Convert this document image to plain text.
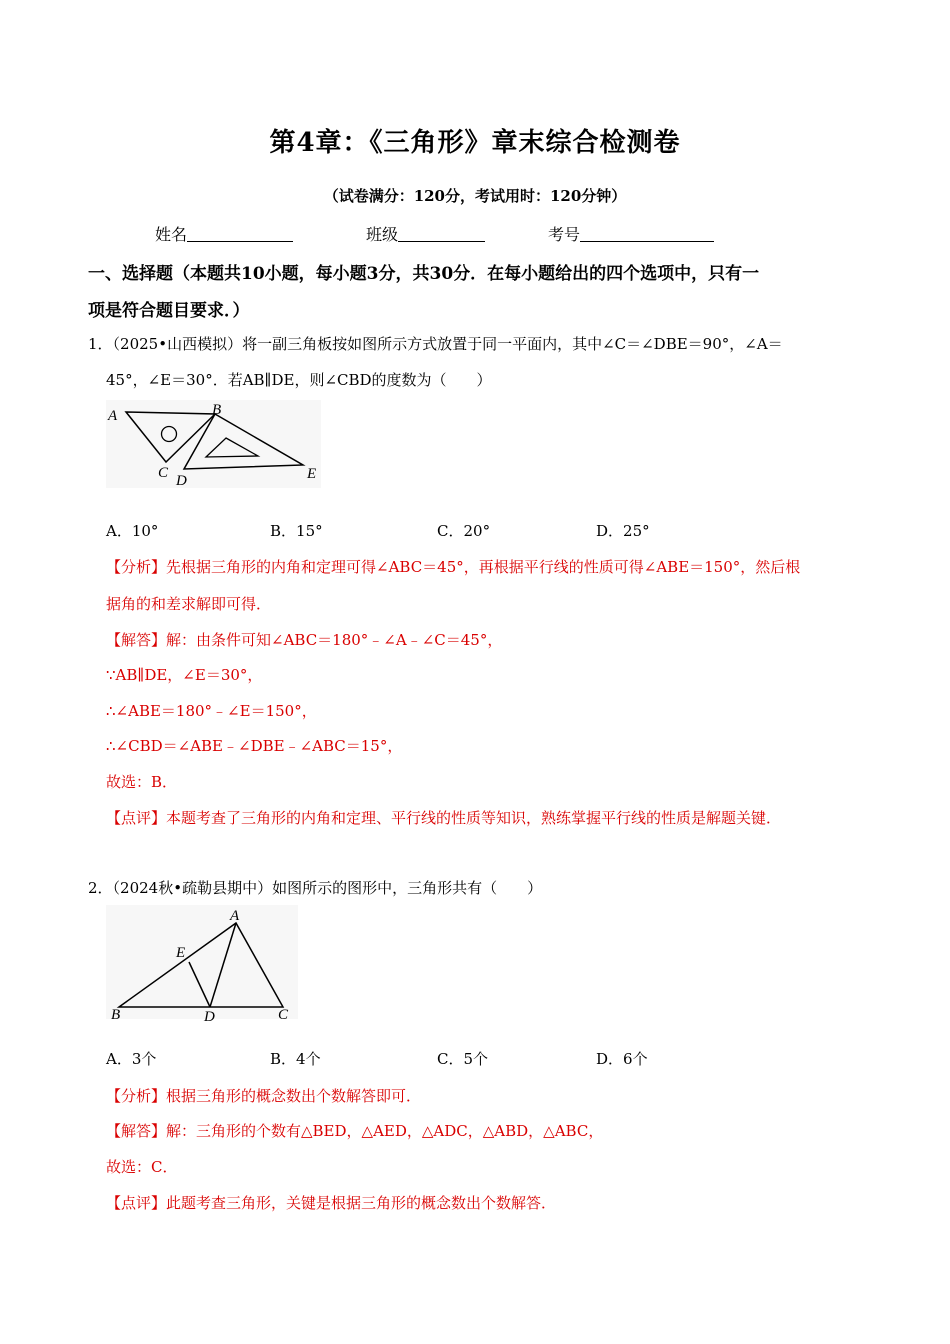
第4章：《三角形》章末综合检测卷
（试卷满分：120分，考试用时：120分钟）
姓名	班级	考号
一、选择题（本题共10小题，每小题3分，共30分．在每小题给出的四个选项中，只有一
项是符合题目要求．）
1．（2025•山西模拟）将一副三角板按如图所示方式放置于同一平面内，其中∠C＝∠DBE＝90°，∠A＝
45°，∠E＝30°．若AB∥DE，则∠CBD的度数为（　　）
A	B
C D	E
A．10°	B．15°	C．20°	D．25°
【分析】先根据三角形的内角和定理可得∠ABC＝45°，再根据平行线的性质可得∠ABE＝150°，然后根
据角的和差求解即可得．
【解答】解：由条件可知∠ABC＝180°﹣∠A﹣∠C＝45°，
∵AB∥DE，∠E＝30°，
∴∠ABE＝180°﹣∠E＝150°，
∴∠CBD＝∠ABE﹣∠DBE﹣∠ABC＝15°，
故选：B．
【点评】本题考查了三角形的内角和定理、平行线的性质等知识，熟练掌握平行线的性质是解题关键．
2．（2024秋•疏勒县期中）如图所示的图形中，三角形共有（　　）
A
E
B	D	C
A．3个	B．4个	C．5个	D．6个
【分析】根据三角形的概念数出个数解答即可．
【解答】解：三角形的个数有△BED，△AED，△ADC，△ABD，△ABC，
故选：C．
【点评】此题考查三角形，关键是根据三角形的概念数出个数解答．
